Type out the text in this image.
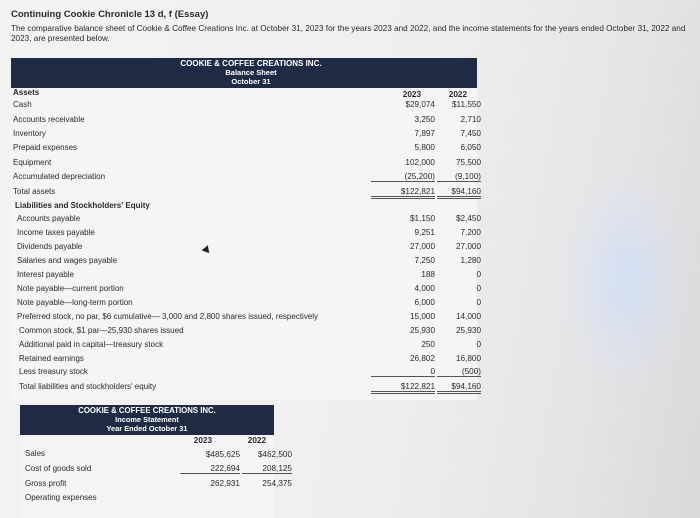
Continuing Cookie Chronicle 13 d, f (Essay)
The comparative balance sheet of Cookie & Coffee Creations Inc. at October 31, 2023 for the years 2023 and 2022, and the income statements for the years ended October 31, 2022 and 2023, are presented below.
COOKIE & COFFEE CREATIONS INC.
Balance Sheet
October 31
Assets	2023	2022
Cash	$29,074	$11,550
Accounts receivable	3,250	2,710
Inventory	7,897	7,450
Prepaid expenses	5,800	6,050
Equipment	102,000	75,500
Accumulated depreciation	(25,200)	(9,100)
Total assets	$122,821	$94,160
Liabilities and Stockholders' Equity
Accounts payable	$1,150	$2,450
Income taxes payable	9,251	7,200
Dividends payable	27,000	27,000
Salaries and wages payable	7,250	1,280
Interest payable	188	0
Note payable—current portion	4,000	0
Note payable—long-term portion	6,000	0
Preferred stock, no par, $6 cumulative— 3,000 and 2,800 shares issued, respectively	15,000	14,000
Common stock, $1 par—25,930 shares issued	25,930	25,930
Additional paid in capital—treasury stock	250	0
Retained earnings	26,802	16,800
Less treasury stock	0	(500)
Total liabilities and stockholders' equity	$122,821	$94,160
COOKIE & COFFEE CREATIONS INC.
Income Statement
Year Ended October 31
2023	2022
Sales	$485,625	$462,500
Cost of goods sold	222,694	208,125
Gross profit	262,931	254,375
Operating expenses
